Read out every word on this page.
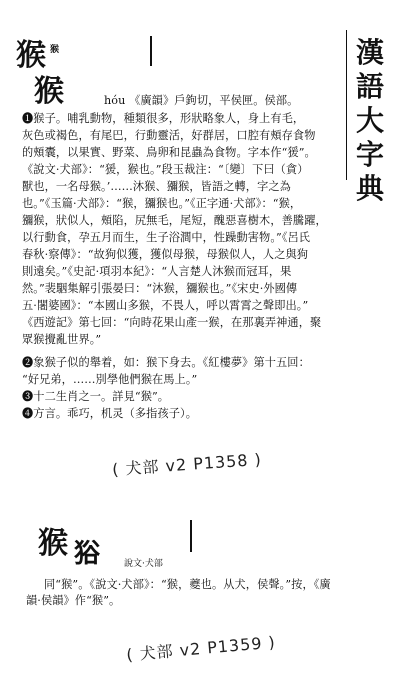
猴 猴
猴
漢
語
大
字
典
hóu 《廣韻》戶鉤切，平侯匣。侯部。
❶猴子。哺乳動物，種類很多，形狀略象人，身上有毛，
灰色或褐色，有尾巴，行動靈活，好群居，口腔有頰存食物
的頰囊，以果實、野菜、鳥卵和昆蟲為食物。字本作“猨”。
《說文·犬部》：“猨，猴也。”段玉裁注：“〔變〕下曰（貪）
獸也，一名母猴。’……沐猴、獼猴，皆語之轉，字之為
也。”《玉篇·犬部》：“猴，獼猴也。”《正字通·犬部》：“猴，
獼猴，狀似人，頰陷，尻無毛，尾短，醜惡喜樹木，善騰躍，
以行動食，孕五月而生，生子浴澗中，性躁動害物。”《呂氏
春秋·察傳》：“故狗似獲，獲似母猴，母猴似人，人之與狗
則遠矣。”《史記·項羽本紀》：“人言楚人沐猴而冠耳，果
然。”裴駰集解引張晏曰：“沐猴，獼猴也。”《宋史·外國傳
五·闍婆國》：“本國山多猴，不畏人，呼以霄霄之聲即出。”
《西遊記》第七回：“向時花果山產一猴，在那裏弄神通，聚
眾猴攪亂世界。”
❷象猴子似的舉着，如：猴下身去。《紅樓夢》第十五回：
“好兄弟，……別學他們猴在馬上。”
❸十二生肖之一。詳見“猴”。
❹方言。乖巧，机灵（多指孩子）。
( 犬部 v2 P1358 )
猴 𤞞	說文·犬部
同“猴”。《說文·犬部》：“猴，夔也。从犬，侯聲。”按，《廣
韻·侯韻》作“猴”。
( 犬部 v2 P1359 )
